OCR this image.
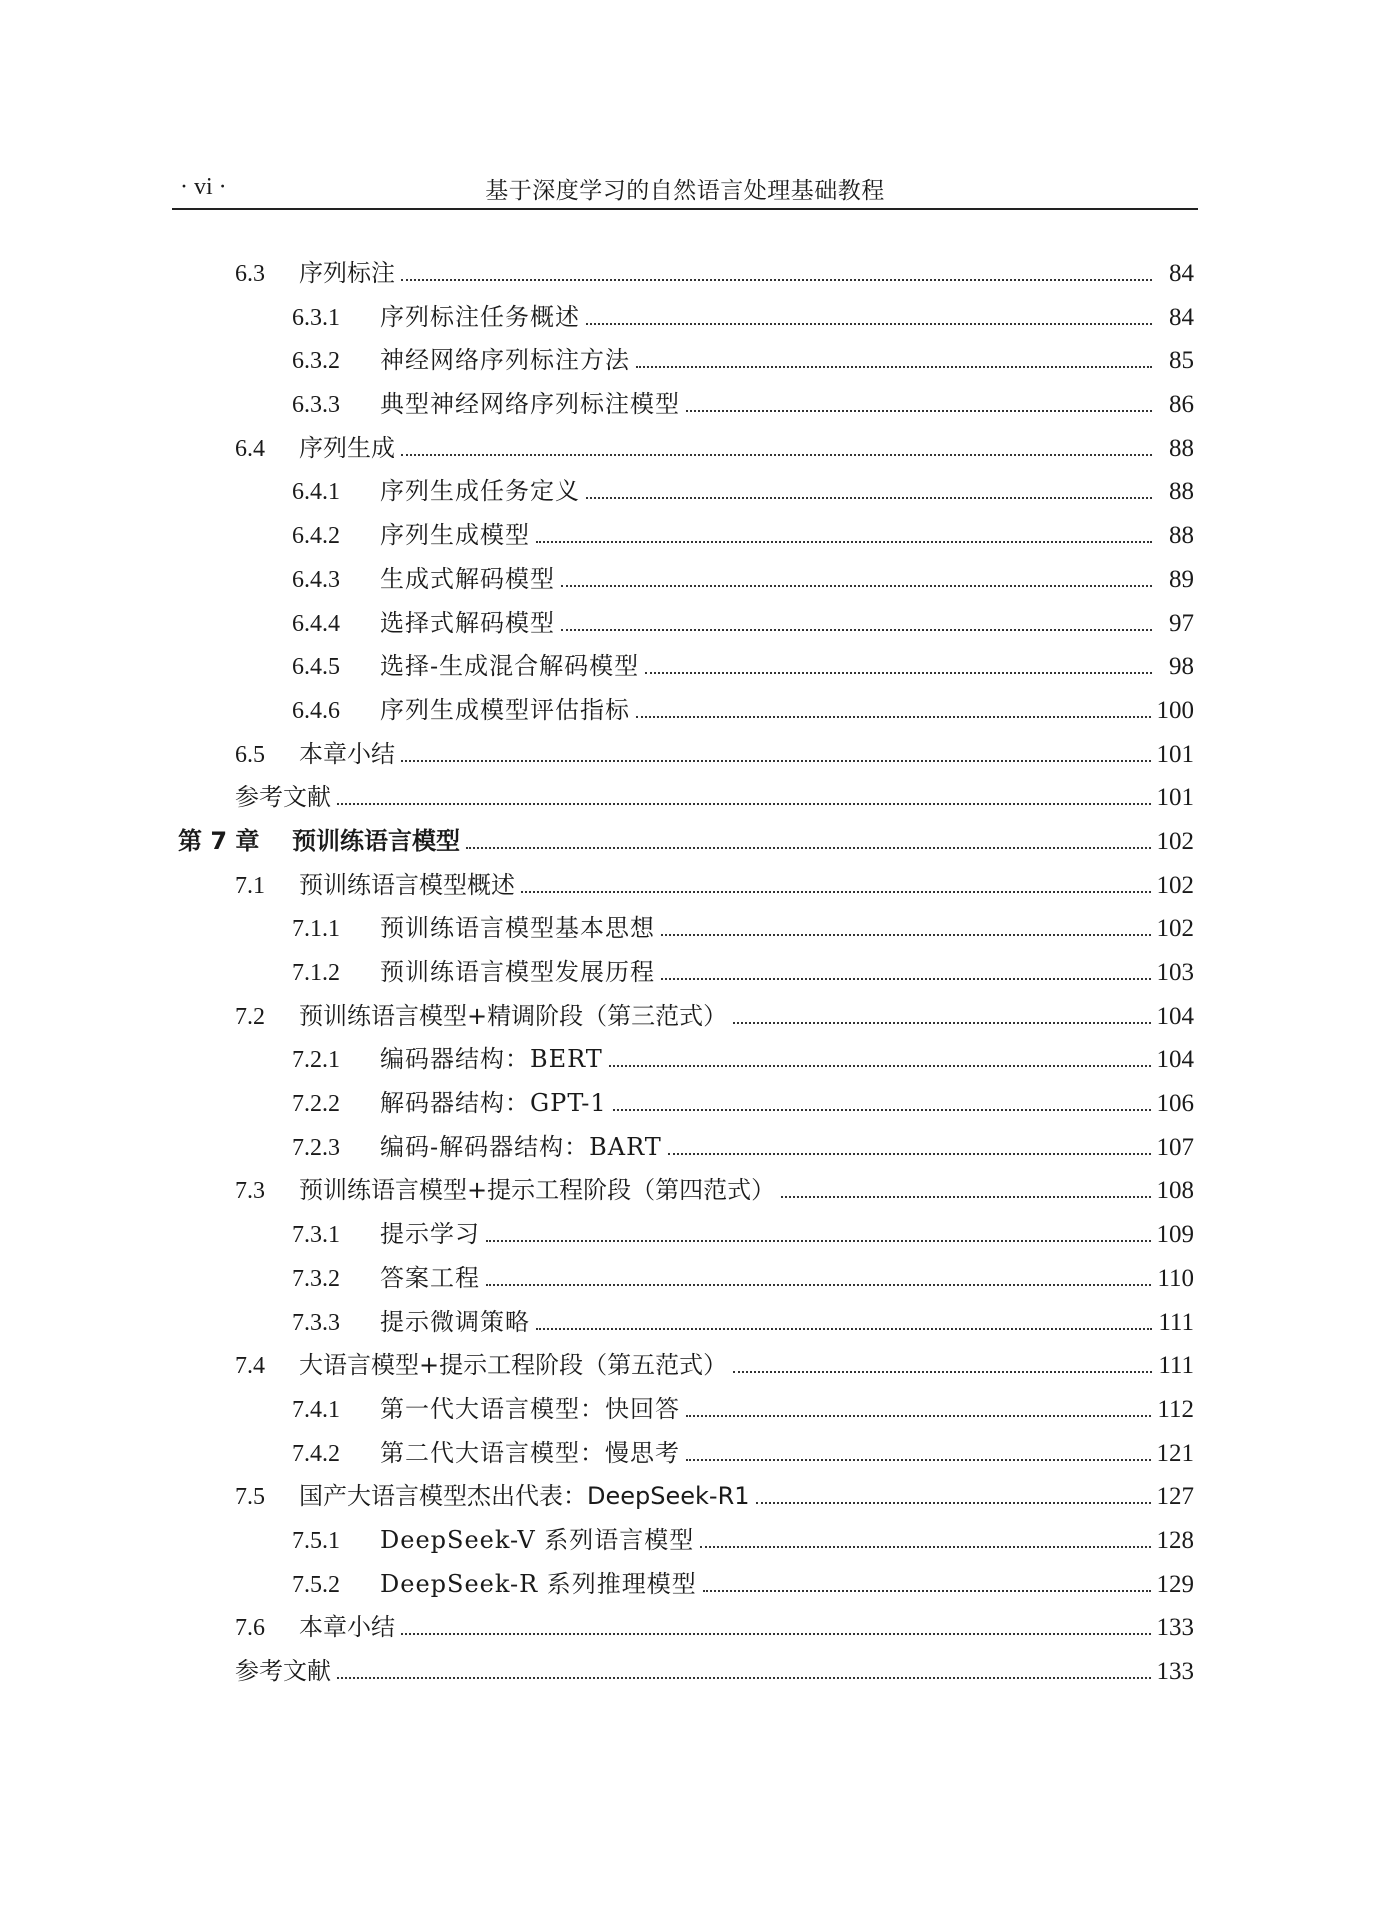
· vi ·	基于深度学习的自然语言处理基础教程
6.3	序列标注	84
6.3.1	序列标注任务概述	84
6.3.2	神经网络序列标注方法	85
6.3.3	典型神经网络序列标注模型	86
6.4	序列生成	88
6.4.1	序列生成任务定义	88
6.4.2	序列生成模型	88
6.4.3	生成式解码模型	89
6.4.4	选择式解码模型	97
6.4.5	选择-生成混合解码模型	98
6.4.6	序列生成模型评估指标	100
6.5	本章小结	101
参考文献	101
第 7 章	预训练语言模型	102
7.1	预训练语言模型概述	102
7.1.1	预训练语言模型基本思想	102
7.1.2	预训练语言模型发展历程	103
7.2	预训练语言模型+精调阶段（第三范式）	104
7.2.1	编码器结构：BERT	104
7.2.2	解码器结构：GPT-1	106
7.2.3	编码-解码器结构：BART	107
7.3	预训练语言模型+提示工程阶段（第四范式）	108
7.3.1	提示学习	109
7.3.2	答案工程	110
7.3.3	提示微调策略	111
7.4	大语言模型+提示工程阶段（第五范式）	111
7.4.1	第一代大语言模型：快回答	112
7.4.2	第二代大语言模型：慢思考	121
7.5	国产大语言模型杰出代表：DeepSeek-R1	127
7.5.1	DeepSeek-V 系列语言模型	128
7.5.2	DeepSeek-R 系列推理模型	129
7.6	本章小结	133
参考文献	133
